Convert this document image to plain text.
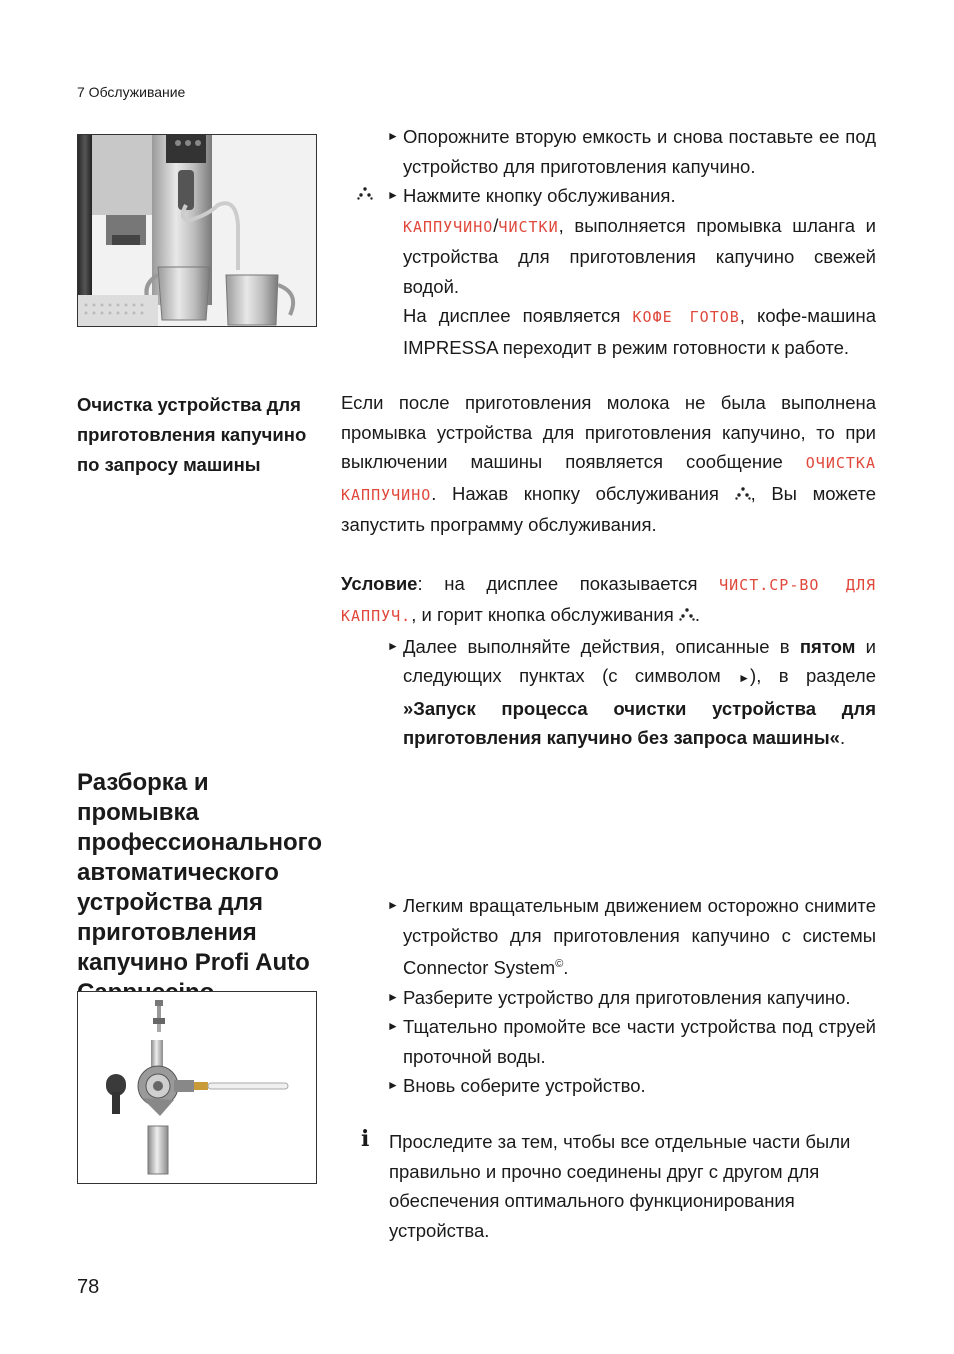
7 Обслуживание
► Опорожните вторую емкость и снова поставьте ее под устройство для приготовления капучино.
► Нажмите кнопку обслуживания.
КАППУЧИНО/ЧИСТКИ, выполняется промывка шланга и устройства для приготовления капучино свежей водой.
На дисплее появляется КОФЕ ГОТОВ, кофе-машина IMPRESSA переходит в режим готовности к работе.
Очистка устройства для приготовления капучино по запросу машины
Если после приготовления молока не была выполнена промывка устройства для приготовления капучино, то при выключении машины появляется сообщение ОЧИСТКА КАППУЧИНО. Нажав кнопку обслуживания , Вы можете запустить программу обслуживания.
Условие: на дисплее показывается ЧИСТ.СР-ВО ДЛЯ КАППУЧ., и горит кнопка обслуживания .
► Далее выполняйте действия, описанные в пятом и следующих пунктах (с символом ►), в разделе »Запуск процесса очистки устройства для приготовления капучино без запроса машины«.
Разборка и промывка профессионального автоматического устройства для приготовления капучино Profi Auto
► Легким вращательным движением осторожно снимите устройство для приготовления капучино с системы Connector System©.
► Разберите устройство для приготовления капучино.
► Тщательно промойте все части устройства под струей проточной воды.
► Вновь соберите устройство.
i Проследите за тем, чтобы все отдельные части были правильно и прочно соединены друг с другом для обеспечения оптимального функционирования устройства.
78
